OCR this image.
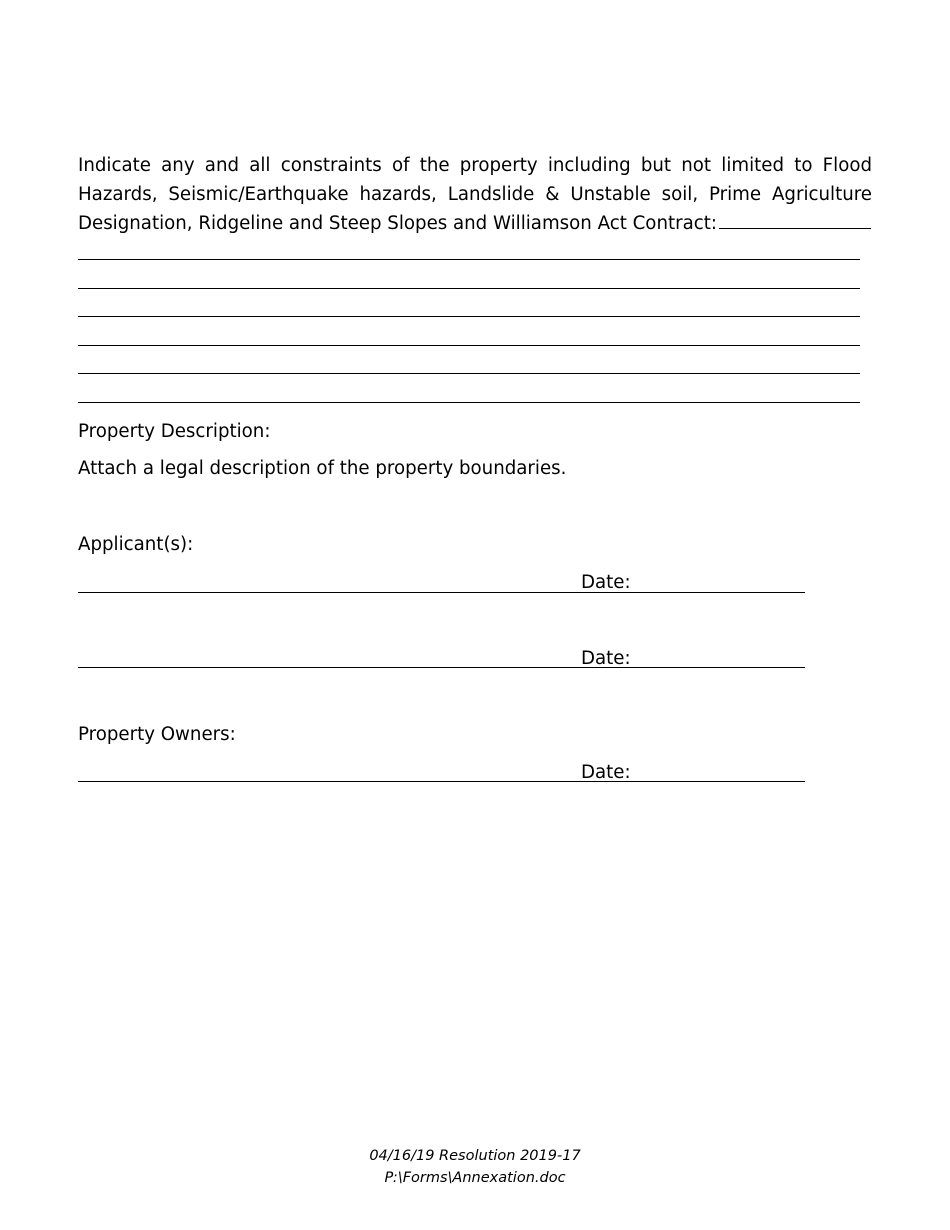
Indicate any and all constraints of the property including but not limited to Flood Hazards, Seismic/Earthquake hazards, Landslide & Unstable soil, Prime Agriculture Designation, Ridgeline and Steep Slopes and Williamson Act Contract:

Property Description:
Attach a legal description of the property boundaries.
Applicant(s):
Date:
Date:
Property Owners:
Date:
04/16/19 Resolution 2019-17
P:\Forms\Annexation.doc
